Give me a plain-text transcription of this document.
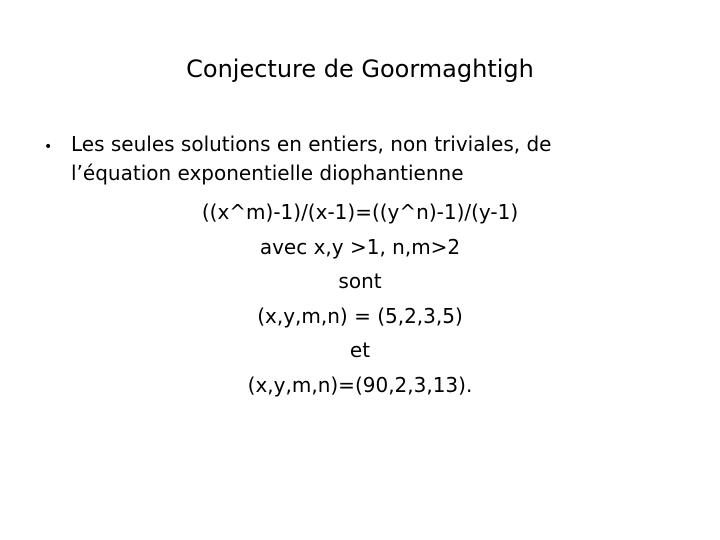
Conjecture de Goormaghtigh
• Les seules solutions en entiers, non triviales, de
l’équation exponentielle diophantienne
((x^m)-1)/(x-1)=((y^n)-1)/(y-1)
avec x,y >1, n,m>2
sont
(x,y,m,n) = (5,2,3,5)
et
(x,y,m,n)=(90,2,3,13).
